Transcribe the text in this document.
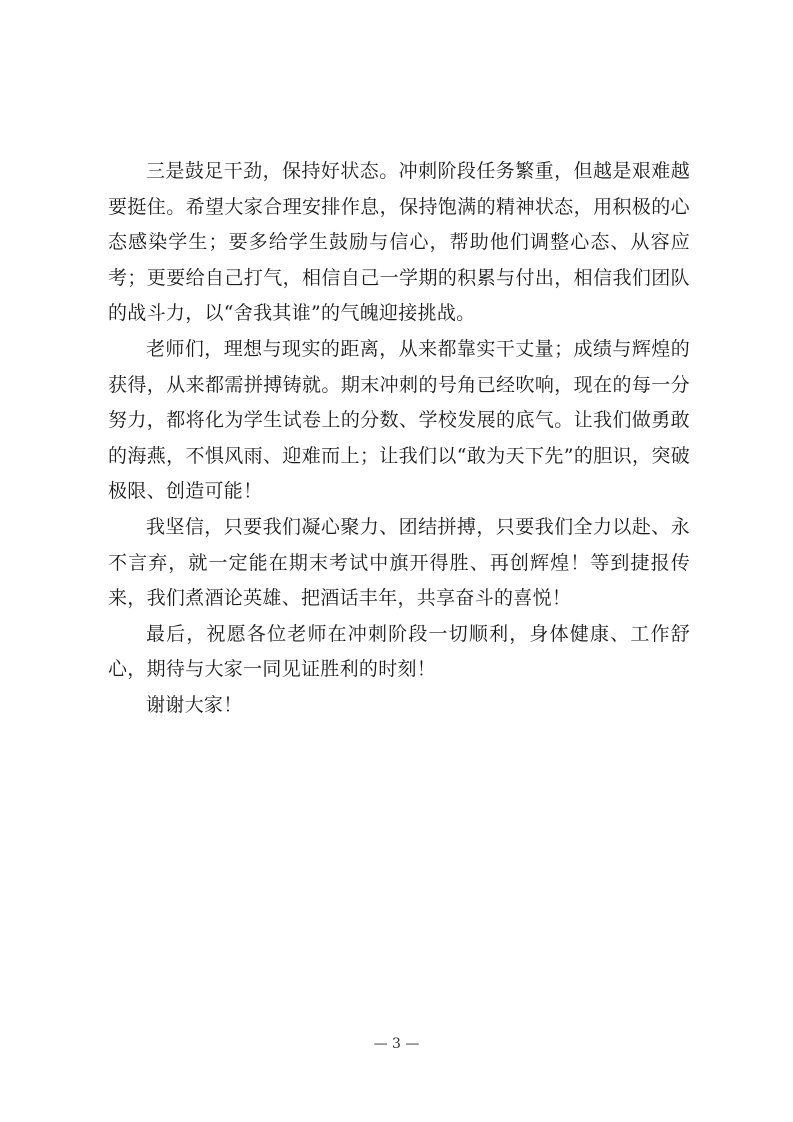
三是鼓足干劲，保持好状态。冲刺阶段任务繁重，但越是艰难越要挺住。希望大家合理安排作息，保持饱满的精神状态，用积极的心态感染学生；要多给学生鼓励与信心，帮助他们调整心态、从容应考；更要给自己打气，相信自己一学期的积累与付出，相信我们团队的战斗力，以“舍我其谁”的气魄迎接挑战。

老师们，理想与现实的距离，从来都靠实干丈量；成绩与辉煌的获得，从来都需拼搏铸就。期末冲刺的号角已经吹响，现在的每一分努力，都将化为学生试卷上的分数、学校发展的底气。让我们做勇敢的海燕，不惧风雨、迎难而上；让我们以“敢为天下先”的胆识，突破极限、创造可能！

我坚信，只要我们凝心聚力、团结拼搏，只要我们全力以赴、永不言弃，就一定能在期末考试中旗开得胜、再创辉煌！等到捷报传来，我们煮酒论英雄、把酒话丰年，共享奋斗的喜悦！

最后，祝愿各位老师在冲刺阶段一切顺利，身体健康、工作舒心，期待与大家一同见证胜利的时刻！

谢谢大家！

— 3 —
